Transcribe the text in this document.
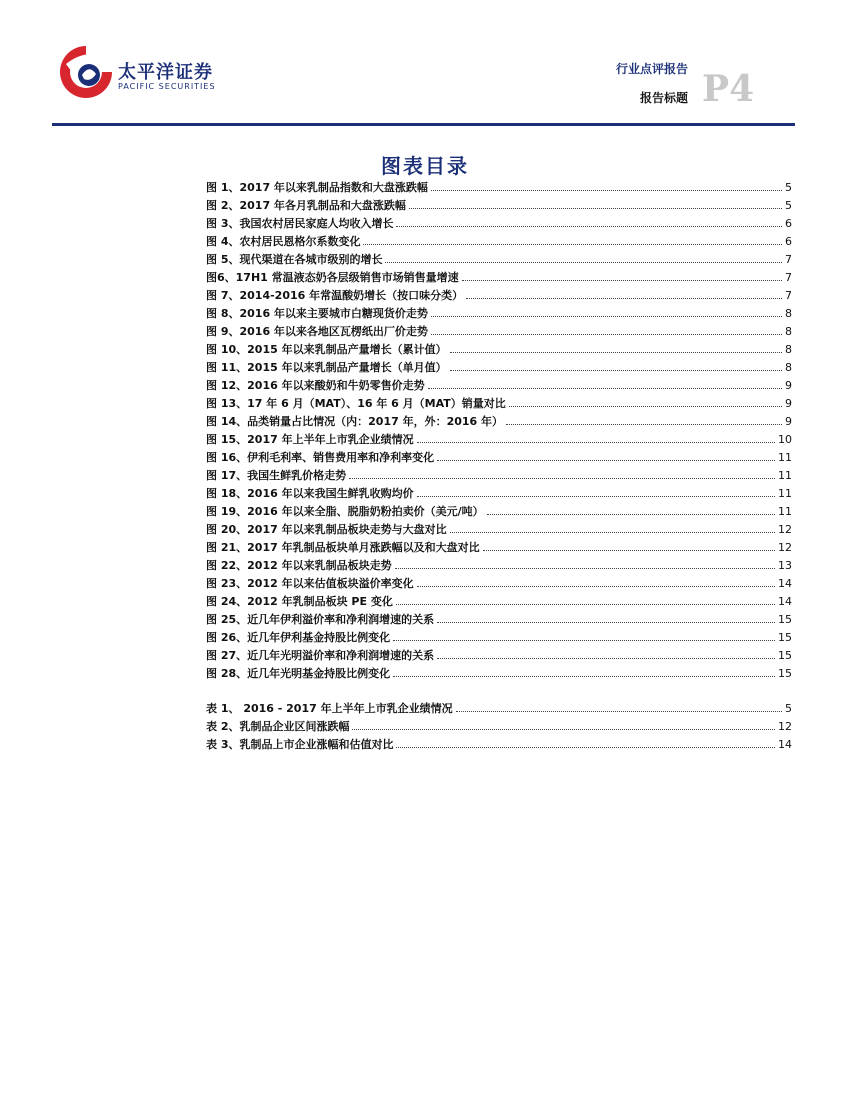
太平洋证券
PACIFIC SECURITIES
行业点评报告
报告标题 P4
图表目录
图 1、2017 年以来乳制品指数和大盘涨跌幅	5
图 2、2017 年各月乳制品和大盘涨跌幅	5
图 3、我国农村居民家庭人均收入增长	6
图 4、农村居民恩格尔系数变化	6
图 5、现代渠道在各城市级别的增长	7
图6、17H1 常温液态奶各层级销售市场销售量增速	7
图 7、2014-2016 年常温酸奶增长（按口味分类）	7
图 8、2016 年以来主要城市白糖现货价走势	8
图 9、2016 年以来各地区瓦楞纸出厂价走势	8
图 10、2015 年以来乳制品产量增长（累计值）	8
图 11、2015 年以来乳制品产量增长（单月值）	8
图 12、2016 年以来酸奶和牛奶零售价走势	9
图 13、17 年 6 月（MAT）、16 年 6 月（MAT）销量对比	9
图 14、品类销量占比情况（内：2017 年，外：2016 年）	9
图 15、2017 年上半年上市乳企业绩情况	10
图 16、伊利毛利率、销售费用率和净利率变化	11
图 17、我国生鲜乳价格走势	11
图 18、2016 年以来我国生鲜乳收购均价	11
图 19、2016 年以来全脂、脱脂奶粉拍卖价（美元/吨）	11
图 20、2017 年以来乳制品板块走势与大盘对比	12
图 21、2017 年乳制品板块单月涨跌幅以及和大盘对比	12
图 22、2012 年以来乳制品板块走势	13
图 23、2012 年以来估值板块溢价率变化	14
图 24、2012 年乳制品板块 PE 变化	14
图 25、近几年伊利溢价率和净利润增速的关系	15
图 26、近几年伊利基金持股比例变化	15
图 27、近几年光明溢价率和净利润增速的关系	15
图 28、近几年光明基金持股比例变化	15
表 1、 2016 - 2017 年上半年上市乳企业绩情况	5
表 2、乳制品企业区间涨跌幅	12
表 3、乳制品上市企业涨幅和估值对比	14
